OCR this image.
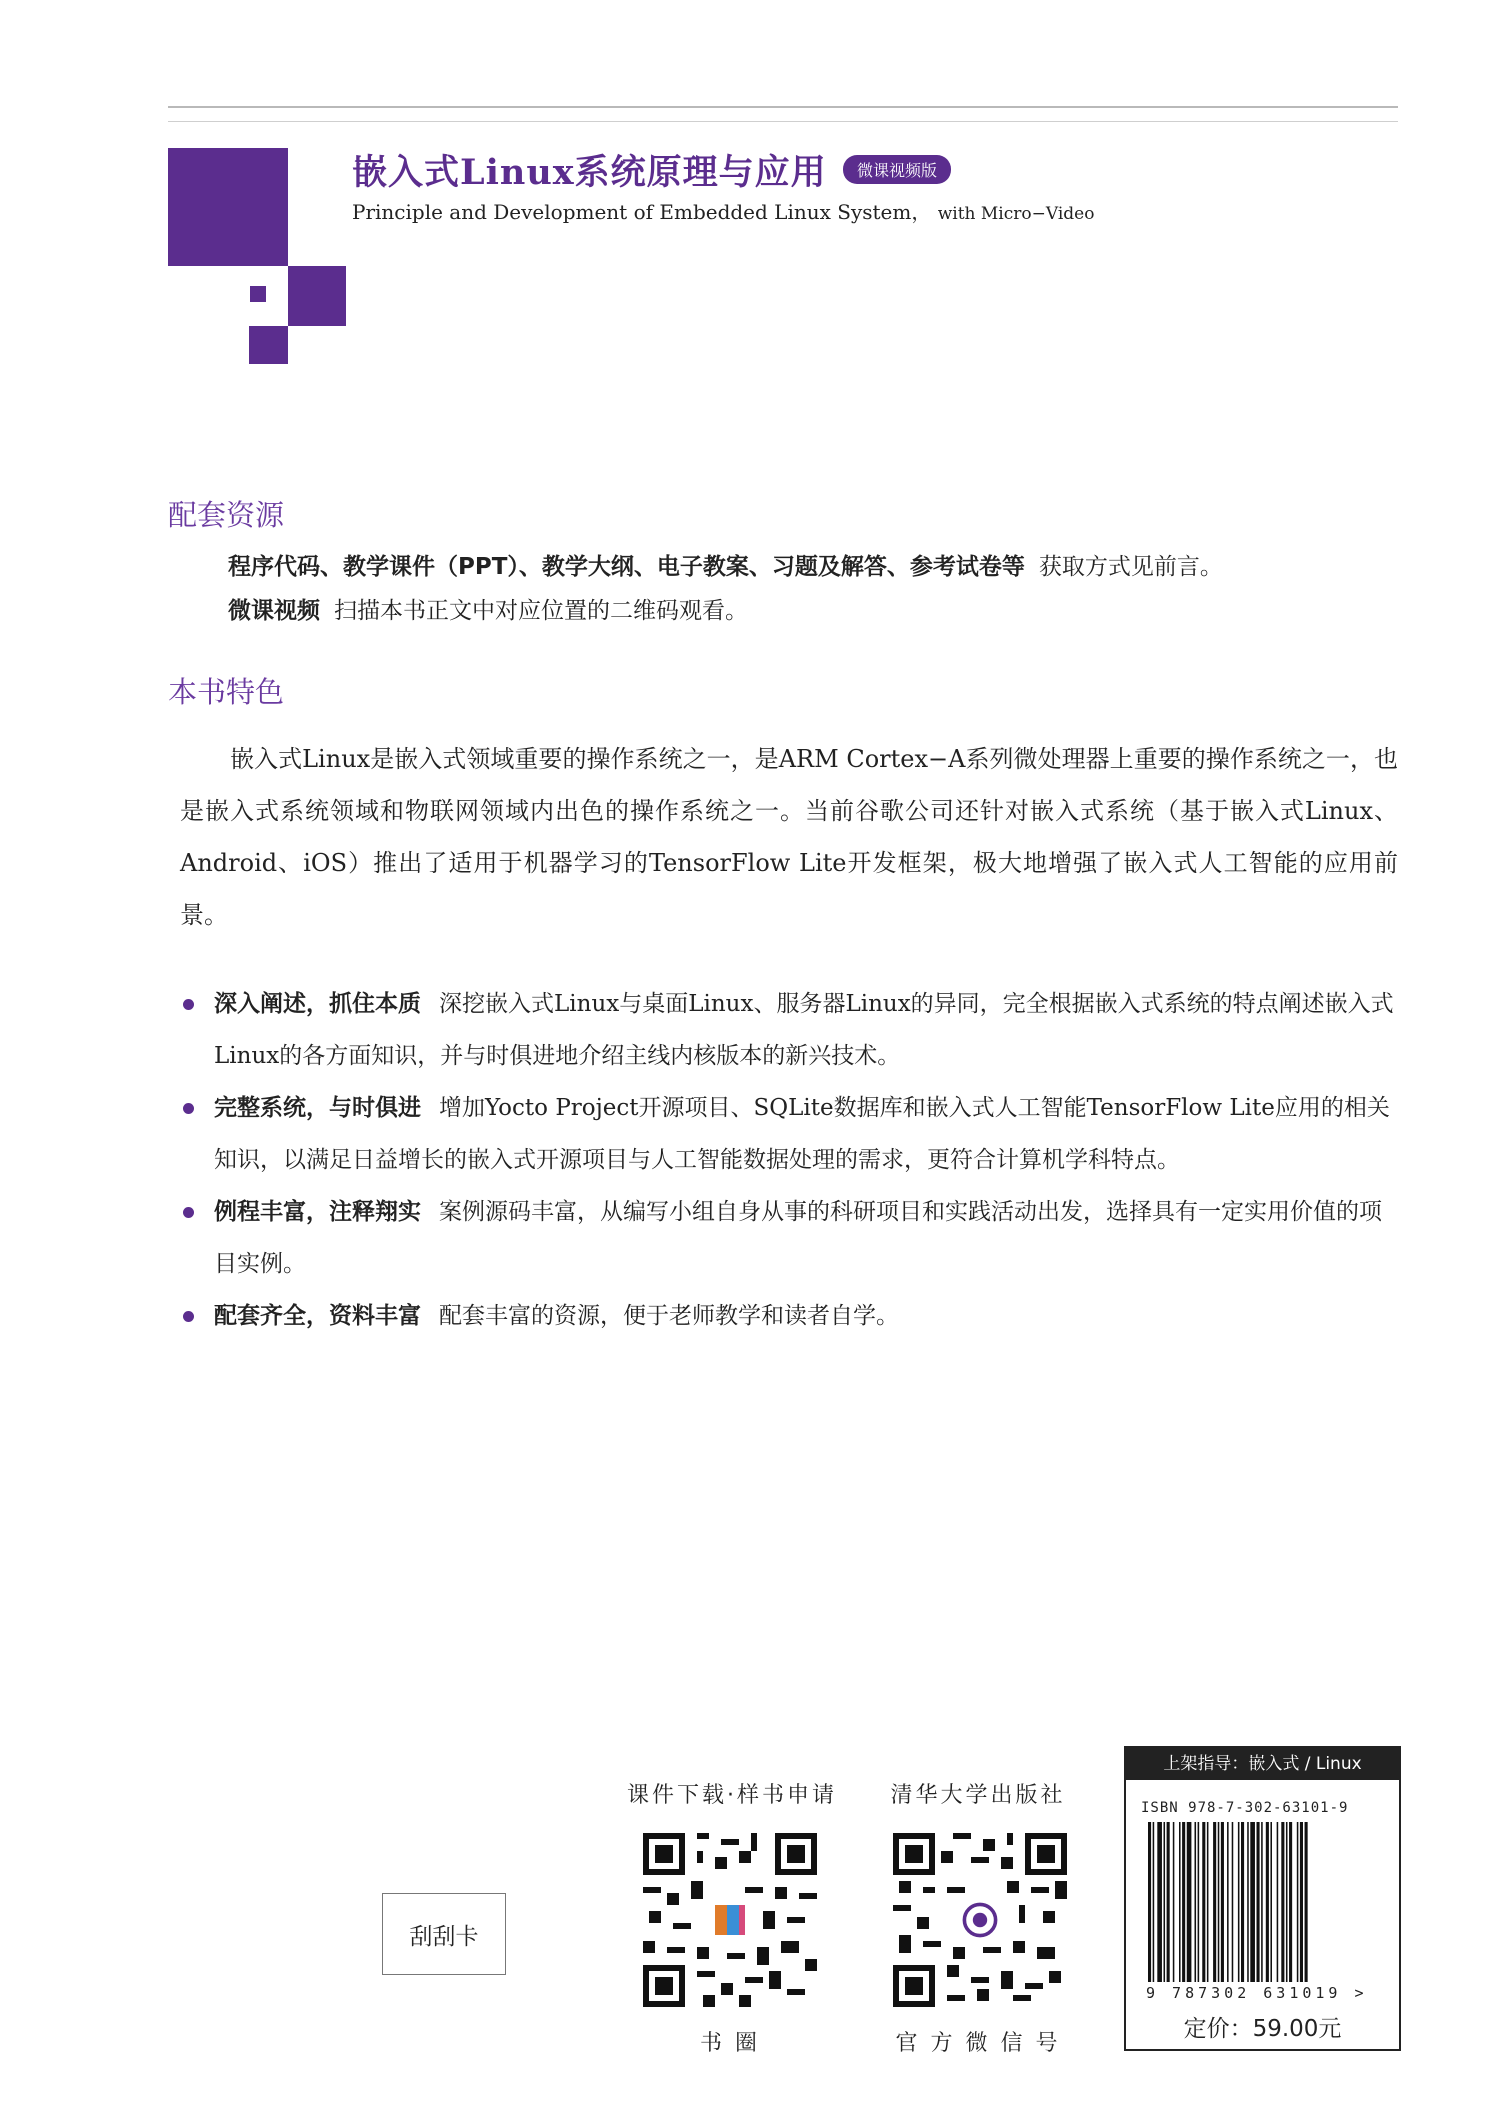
嵌入式Linux系统原理与应用	微课视频版
Principle and Development of Embedded Linux System， with Micro−Video
配套资源
程序代码、教学课件（PPT）、教学大纲、电子教案、习题及解答、参考试卷等 获取方式见前言。
微课视频 扫描本书正文中对应位置的二维码观看。
本书特色
嵌入式Linux是嵌入式领域重要的操作系统之一，是ARM Cortex−A系列微处理器上重要的操作系统之一，也是嵌入式系统领域和物联网领域内出色的操作系统之一。当前谷歌公司还针对嵌入式系统（基于嵌入式Linux、Android、iOS）推出了适用于机器学习的TensorFlow Lite开发框架，极大地增强了嵌入式人工智能的应用前景。
深入阐述，抓住本质 深挖嵌入式Linux与桌面Linux、服务器Linux的异同，完全根据嵌入式系统的特点阐述嵌入式Linux的各方面知识，并与时俱进地介绍主线内核版本的新兴技术。
完整系统，与时俱进 增加Yocto Project开源项目、SQLite数据库和嵌入式人工智能TensorFlow Lite应用的相关知识，以满足日益增长的嵌入式开源项目与人工智能数据处理的需求，更符合计算机学科特点。
例程丰富，注释翔实 案例源码丰富，从编写小组自身从事的科研项目和实践活动出发，选择具有一定实用价值的项目实例。
配套齐全，资料丰富 配套丰富的资源，便于老师教学和读者自学。
刮刮卡
课件下载·样书申请
书 圈
清华大学出版社
官 方 微 信 号
上架指导：嵌入式 / Linux
ISBN 978-7-302-63101-9
9 787302 631019 >
定价：59.00元
